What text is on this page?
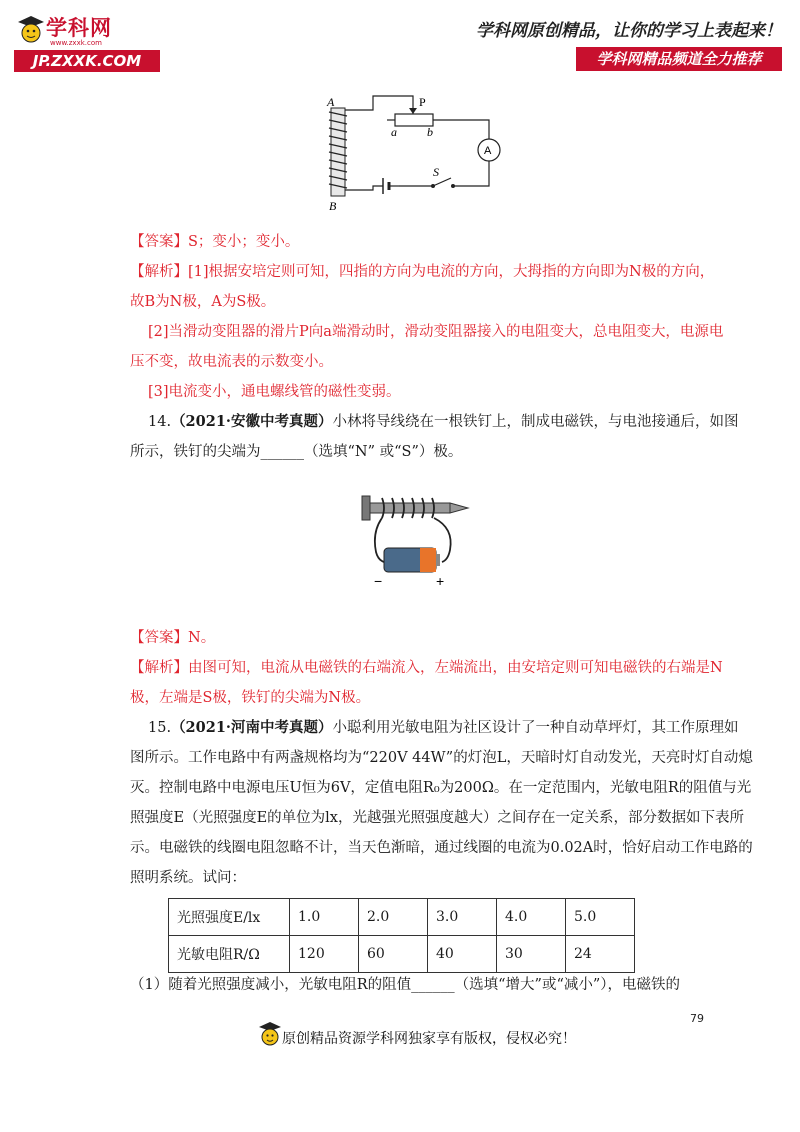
学科网
www.zxxk.com
JP.ZXXK.COM
学科网原创精品，让你的学习上表起来！
学科网精品频道全力推荐
A
B
P
a	b
A
S
【答案】S；变小；变小。
【解析】[1]根据安培定则可知，四指的方向为电流的方向，大拇指的方向即为N极的方向，
故B为N极，A为S极。
[2]当滑动变阻器的滑片P向a端滑动时，滑动变阻器接入的电阻变大，总电阻变大，电源电
压不变，故电流表的示数变小。
[3]电流变小，通电螺线管的磁性变弱。
14.（2021·安徽中考真题）小林将导线绕在一根铁钉上，制成电磁铁，与电池接通后，如图
所示，铁钉的尖端为______（选填“N” 或“S”）极。
−	+
【答案】N。
【解析】由图可知，电流从电磁铁的右端流入，左端流出，由安培定则可知电磁铁的右端是N
极，左端是S极，铁钉的尖端为N极。
15.（2021·河南中考真题）小聪利用光敏电阻为社区设计了一种自动草坪灯，其工作原理如
图所示。工作电路中有两盏规格均为“220V 44W”的灯泡L，天暗时灯自动发光，天亮时灯自动熄
灭。控制电路中电源电压U恒为6V，定值电阻R₀为200Ω。在一定范围内，光敏电阻R的阻值与光
照强度E（光照强度E的单位为lx，光越强光照强度越大）之间存在一定关系，部分数据如下表所
示。电磁铁的线圈电阻忽略不计，当天色渐暗，通过线圈的电流为0.02A时，恰好启动工作电路的
照明系统。试问：
光照强度E/lx	1.0	2.0	3.0	4.0	5.0
光敏电阻R/Ω	120	60	40	30	24
（1）随着光照强度减小，光敏电阻R的阻值______（选填“增大”或“减小”），电磁铁的
79
原创精品资源学科网独家享有版权，侵权必究！
